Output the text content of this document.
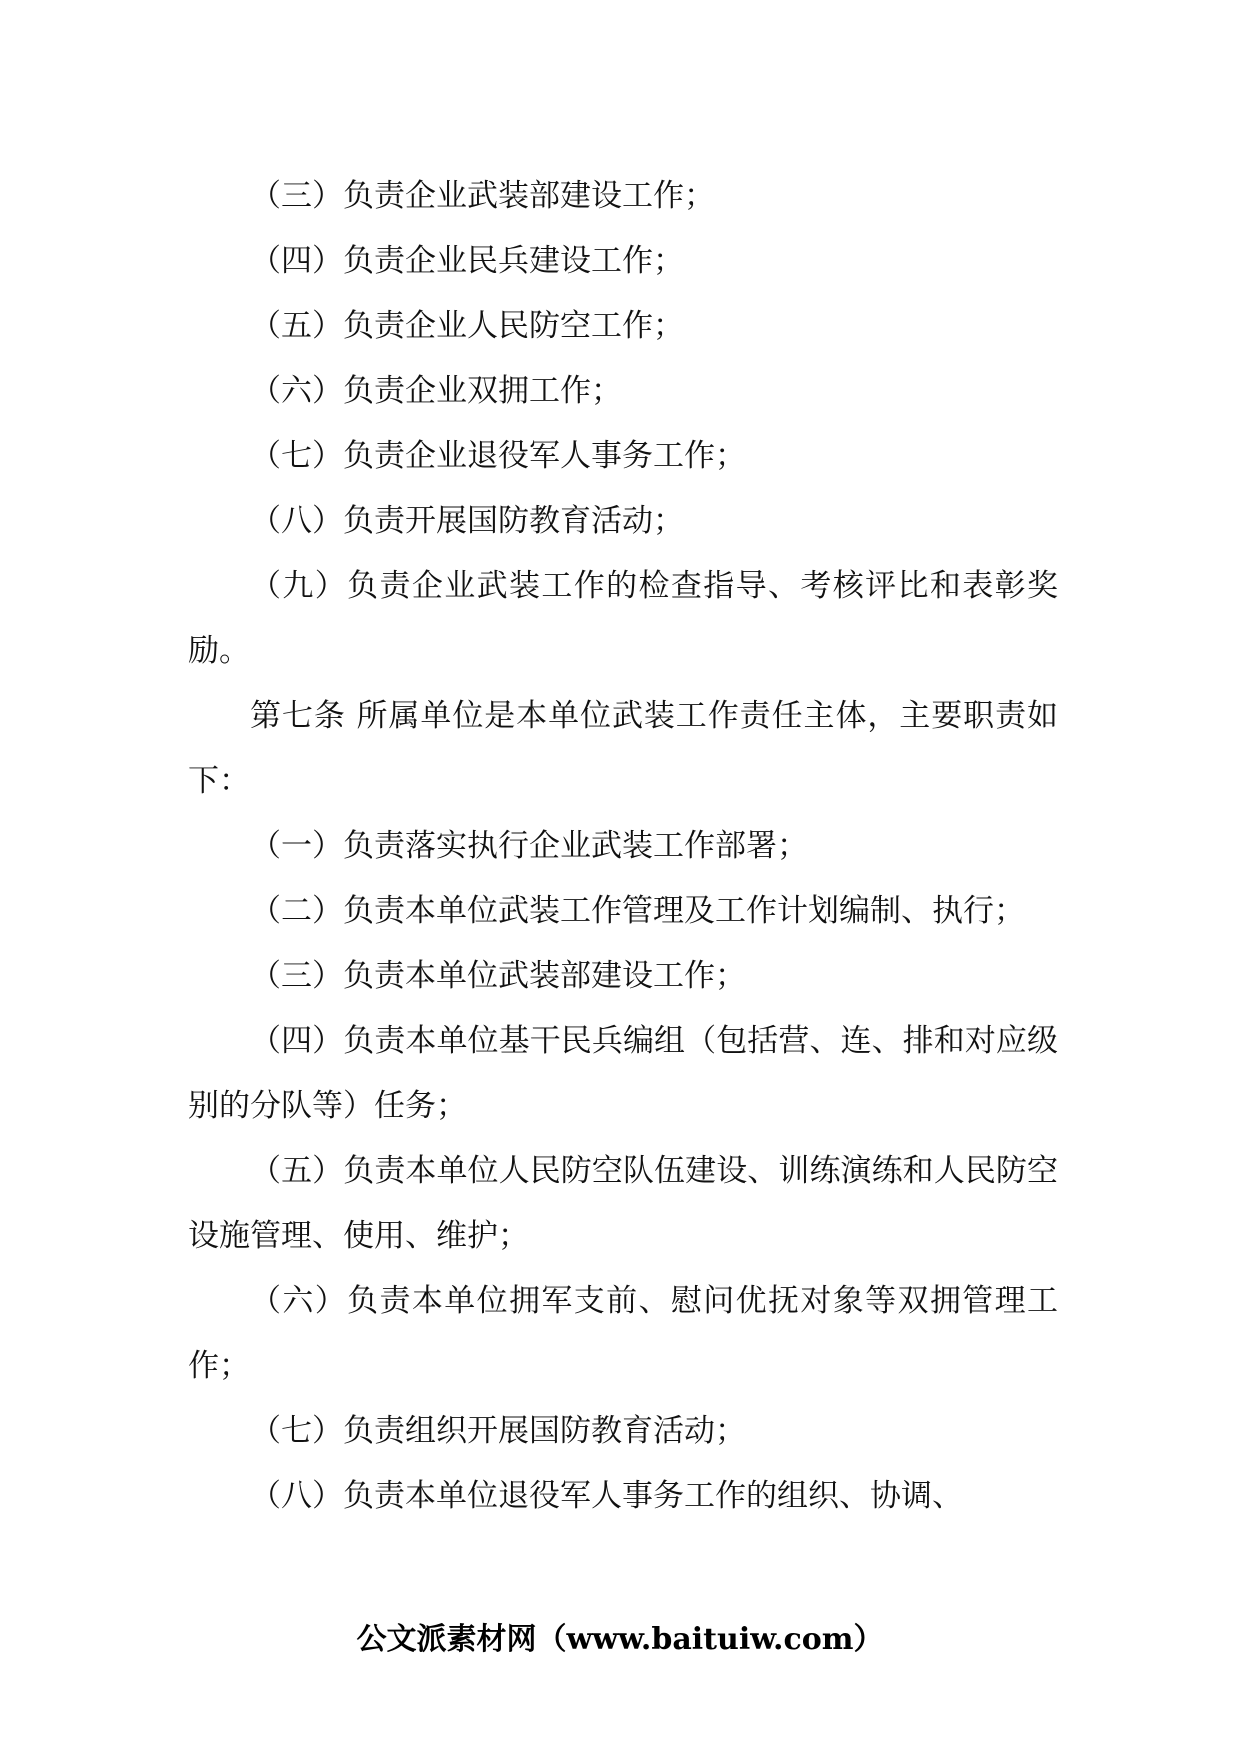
（三）负责企业武装部建设工作；

（四）负责企业民兵建设工作；

（五）负责企业人民防空工作；

（六）负责企业双拥工作；

（七）负责企业退役军人事务工作；

（八）负责开展国防教育活动；

（九）负责企业武装工作的检查指导、考核评比和表彰奖励。

第七条 所属单位是本单位武装工作责任主体，主要职责如下：

（一）负责落实执行企业武装工作部署；

（二）负责本单位武装工作管理及工作计划编制、执行；

（三）负责本单位武装部建设工作；

（四）负责本单位基干民兵编组（包括营、连、排和对应级别的分队等）任务；

（五）负责本单位人民防空队伍建设、训练演练和人民防空设施管理、使用、维护；

（六）负责本单位拥军支前、慰问优抚对象等双拥管理工作；

（七）负责组织开展国防教育活动；

（八）负责本单位退役军人事务工作的组织、协调、

公文派素材网（www.baituiw.com）
